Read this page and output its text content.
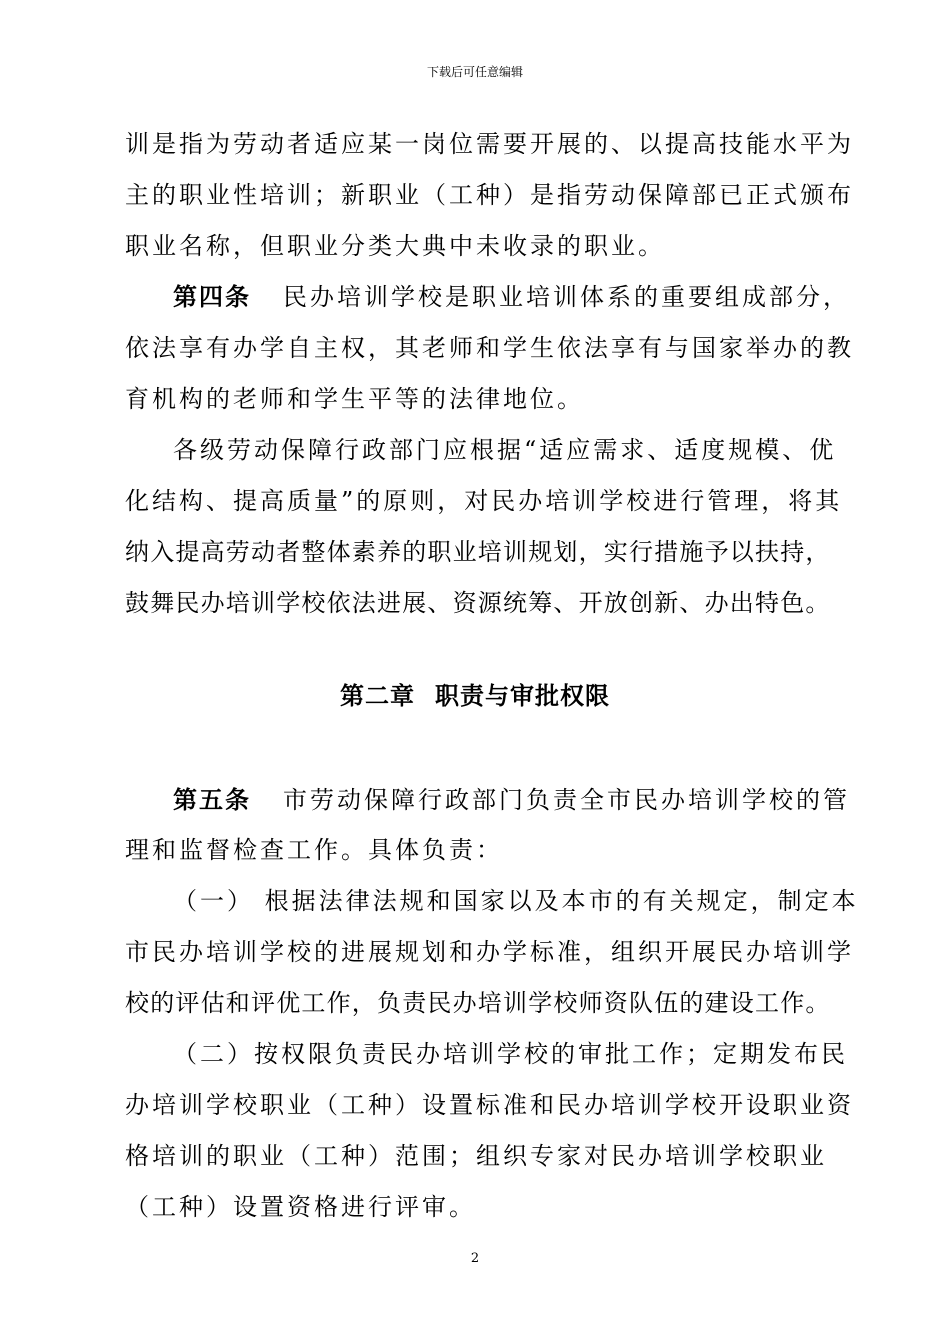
下载后可任意编辑
训是指为劳动者适应某一岗位需要开展的、以提高技能水平为
主的职业性培训；新职业（工种）是指劳动保障部已正式颁布
职业名称，但职业分类大典中未收录的职业。
第四条 民办培训学校是职业培训体系的重要组成部分，
依法享有办学自主权，其老师和学生依法享有与国家举办的教
育机构的老师和学生平等的法律地位。
各级劳动保障行政部门应根据“适应需求、适度规模、优
化结构、提高质量”的原则，对民办培训学校进行管理，将其
纳入提高劳动者整体素养的职业培训规划，实行措施予以扶持，
鼓舞民办培训学校依法进展、资源统筹、开放创新、办出特色。
第二章 职责与审批权限
第五条 市劳动保障行政部门负责全市民办培训学校的管
理和监督检查工作。具体负责：
（一） 根据法律法规和国家以及本市的有关规定，制定本
市民办培训学校的进展规划和办学标准，组织开展民办培训学
校的评估和评优工作，负责民办培训学校师资队伍的建设工作。
（二）按权限负责民办培训学校的审批工作；定期发布民
办培训学校职业（工种）设置标准和民办培训学校开设职业资
格培训的职业（工种）范围；组织专家对民办培训学校职业
（工种）设置资格进行评审。
2
